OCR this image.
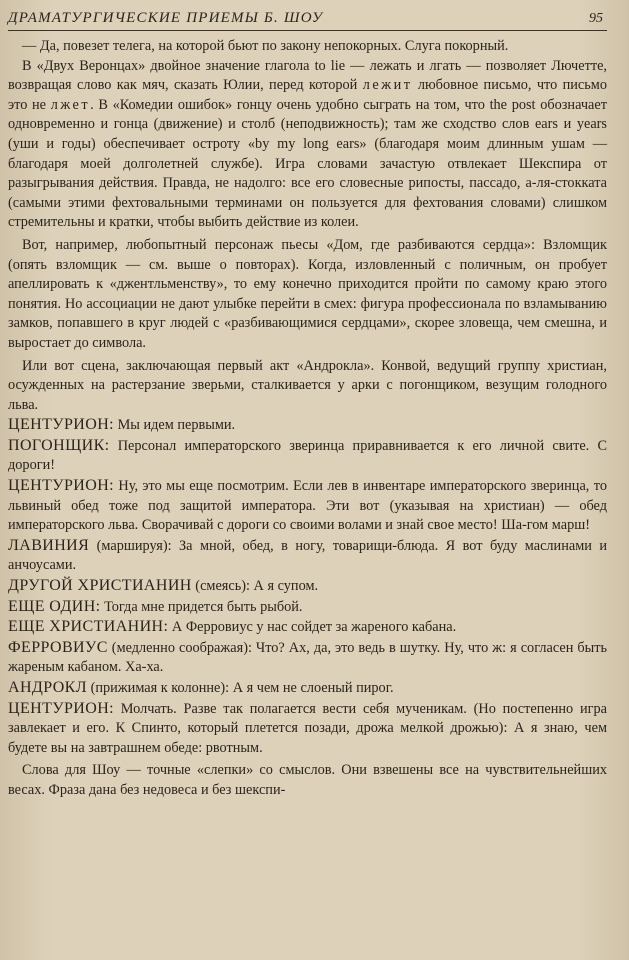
ДРАМАТУРГИЧЕСКИЕ ПРИЕМЫ Б. ШОУ	95

— Да, повезет телега, на которой бьют по закону непокорных. Слуга покорный.

В «Двух Веронцах» двойное значение глагола to lie — лежать и лгать — позволяет Лючетте, возвращая слово как мяч, сказать Юлии, перед которой лежит любовное письмо, что письмо это не лжет. В «Комедии ошибок» гонцу очень удобно сыграть на том, что the post обозначает одновременно и гонца (движение) и столб (неподвижность); там же сходство слов ears и years (уши и годы) обеспечивает остроту «by my long ears» (благодаря моим длинным ушам — благодаря моей долголетней службе). Игра словами зачастую отвлекает Шекспира от разыгрывания действия. Правда, не надолго: все его словесные рипосты, пассадо, а-ля-стокката (самыми этими фехтовальными терминами он пользуется для фехтования словами) слишком стремительны и кратки, чтобы выбить действие из колеи.

Вот, например, любопытный персонаж пьесы «Дом, где разбиваются сердца»: Взломщик (опять взломщик — см. выше о повторах). Когда, изловленный с поличным, он пробует апеллировать к «джентльменству», то ему конечно приходится пройти по самому краю этого понятия. Но ассоциации не дают улыбке перейти в смех: фигура профессионала по взламыванию замков, попавшего в круг людей с «разбивающимися сердцами», скорее зловеща, чем смешна, и выростает до символа.

Или вот сцена, заключающая первый акт «Андрокла». Конвой, ведущий группу христиан, осужденных на растерзание зверьми, сталкивается у арки с погонщиком, везущим голодного льва.

ЦЕНТУРИОН: Мы идем первыми.

ПОГОНЩИК: Персонал императорского зверинца приравнивается к его личной свите. С дороги!

ЦЕНТУРИОН: Ну, это мы еще посмотрим. Если лев в инвентаре императорского зверинца, то львиный обед тоже под защитой императора. Эти вот (указывая на христиан) — обед императорского льва. Сворачивай с дороги со своими волами и знай свое место! Ша-гом марш!

ЛАВИНИЯ (маршируя): За мной, обед, в ногу, товарищи-блюда. Я вот буду маслинами и анчоусами.

ДРУГОЙ ХРИСТИАНИН (смеясь): А я супом.

ЕЩЕ ОДИН: Тогда мне придется быть рыбой.

ЕЩЕ ХРИСТИАНИН: А Ферровиус у нас сойдет за жареного кабана.

ФЕРРОВИУС (медленно соображая): Что? Ах, да, это ведь в шутку. Ну, что ж: я согласен быть жареным кабаном. Ха-ха.

АНДРОКЛ (прижимая к колонне): А я чем не слоеный пирог.

ЦЕНТУРИОН: Молчать. Разве так полагается вести себя мученикам. (Но постепенно игра завлекает и его. К Спинто, который плетется позади, дрожа мелкой дрожью): А я знаю, чем будете вы на завтрашнем обеде: рвотным.

Слова для Шоу — точные «слепки» со смыслов. Они взвешены все на чувствительнейших весах. Фраза дана без недовеса и без шекспи-
